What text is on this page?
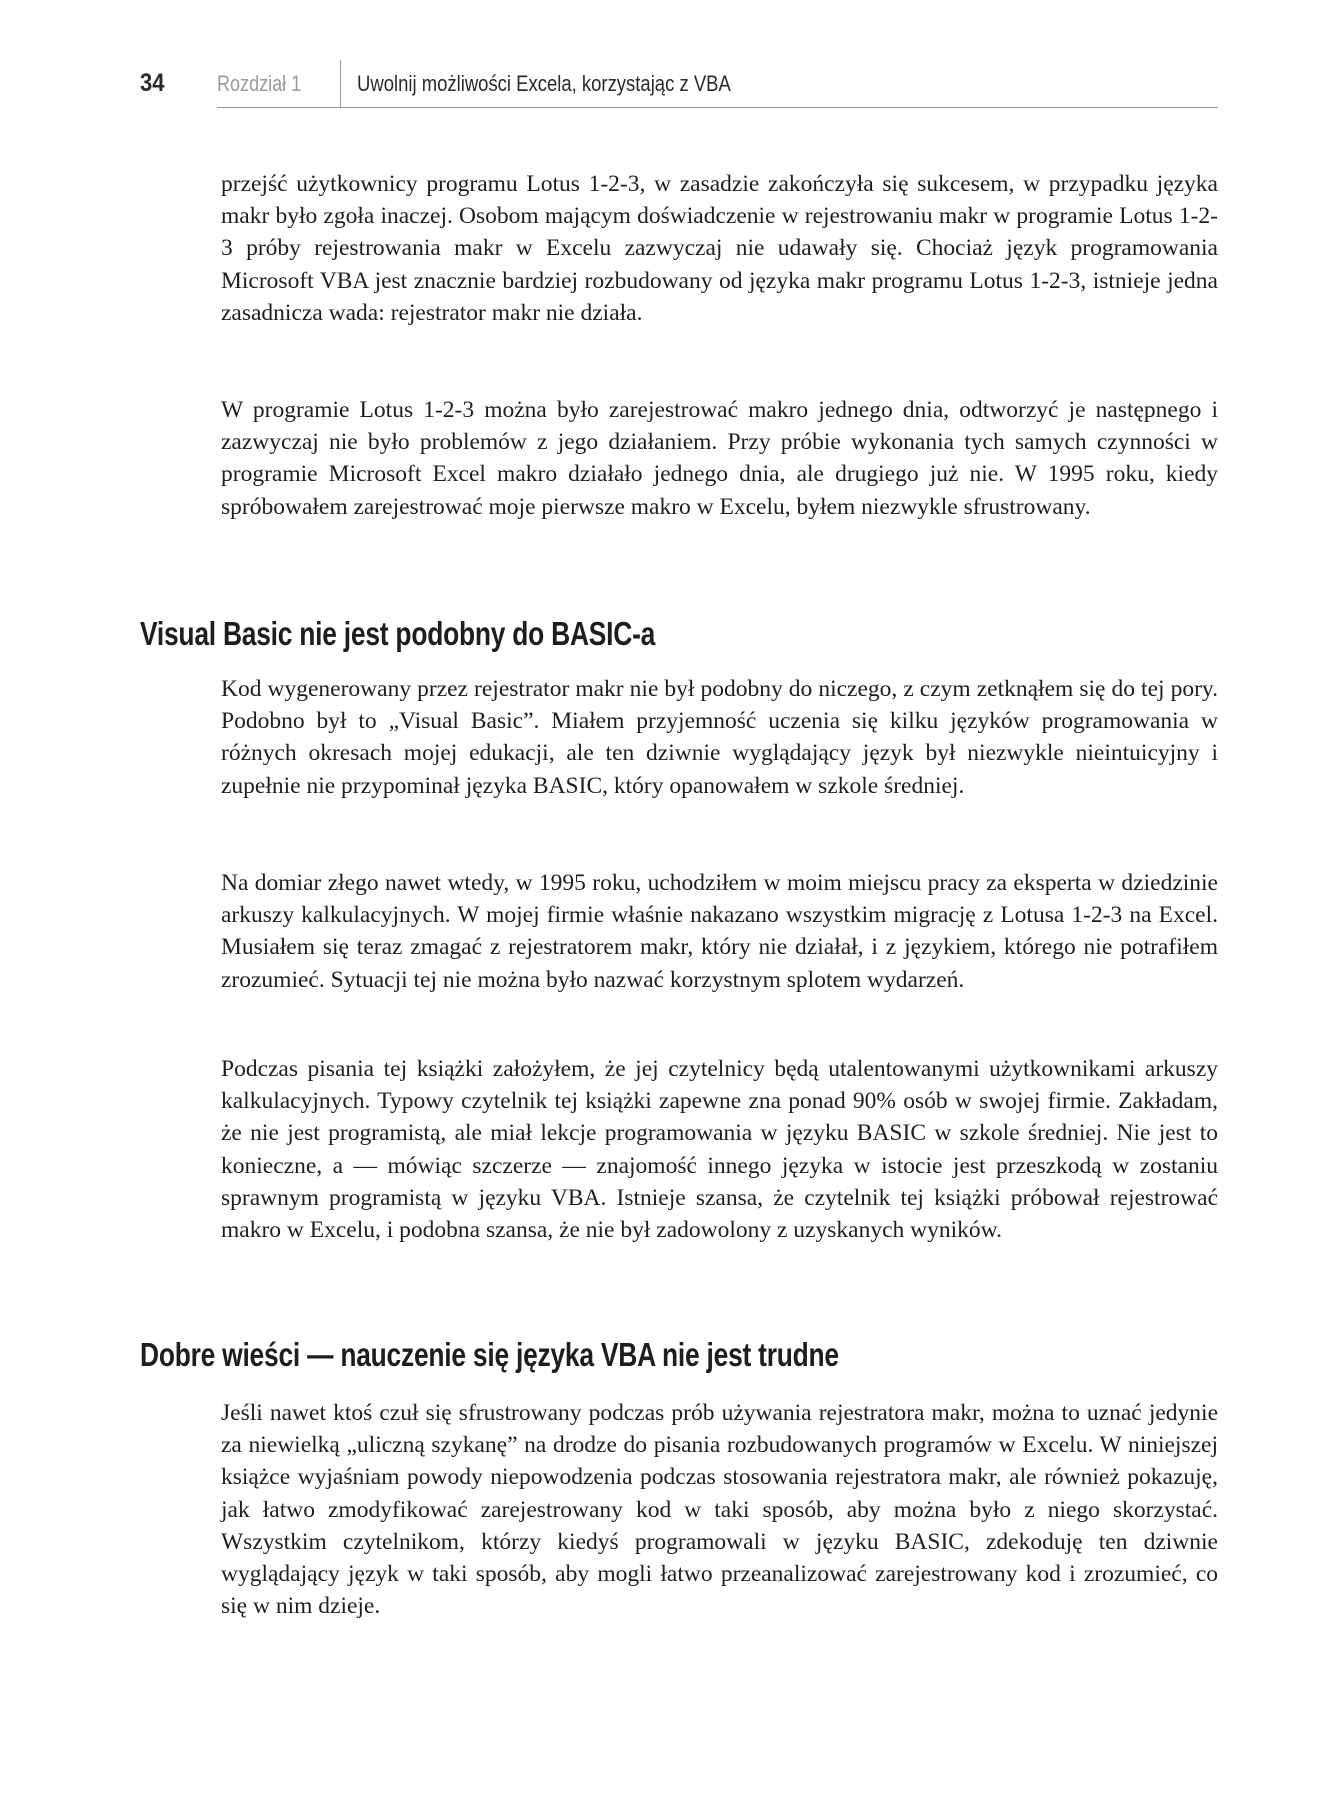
34 Rozdział 1	Uwolnij możliwości Excela, korzystając z VBA

przejść użytkownicy programu Lotus 1-2-3, w zasadzie zakończyła się sukcesem, w przypadku języka makr było zgoła inaczej. Osobom mającym doświadczenie w rejestrowaniu makr w programie Lotus 1-2-3 próby rejestrowania makr w Excelu zazwyczaj nie udawały się. Chociaż język programowania Microsoft VBA jest znacznie bardziej rozbudowany od języka makr programu Lotus 1-2-3, istnieje jedna zasadnicza wada: rejestrator makr nie działa.

W programie Lotus 1-2-3 można było zarejestrować makro jednego dnia, odtworzyć je następnego i zazwyczaj nie było problemów z jego działaniem. Przy próbie wykonania tych samych czynności w programie Microsoft Excel makro działało jednego dnia, ale drugiego już nie. W 1995 roku, kiedy spróbowałem zarejestrować moje pierwsze makro w Excelu, byłem niezwykle sfrustrowany.

Visual Basic nie jest podobny do BASIC-a

Kod wygenerowany przez rejestrator makr nie był podobny do niczego, z czym zetknąłem się do tej pory. Podobno był to „Visual Basic”. Miałem przyjemność uczenia się kilku języków programowania w różnych okresach mojej edukacji, ale ten dziwnie wyglądający język był niezwykle nieintuicyjny i zupełnie nie przypominał języka BASIC, który opanowałem w szkole średniej.

Na domiar złego nawet wtedy, w 1995 roku, uchodziłem w moim miejscu pracy za eksperta w dziedzinie arkuszy kalkulacyjnych. W mojej firmie właśnie nakazano wszystkim migrację z Lotusa 1-2-3 na Excel. Musiałem się teraz zmagać z rejestratorem makr, który nie działał, i z językiem, którego nie potrafiłem zrozumieć. Sytuacji tej nie można było nazwać korzystnym splotem wydarzeń.

Podczas pisania tej książki założyłem, że jej czytelnicy będą utalentowanymi użytkownikami arkuszy kalkulacyjnych. Typowy czytelnik tej książki zapewne zna ponad 90% osób w swojej firmie. Zakładam, że nie jest programistą, ale miał lekcje programowania w języku BASIC w szkole średniej. Nie jest to konieczne, a — mówiąc szczerze — znajomość innego języka w istocie jest przeszkodą w zostaniu sprawnym programistą w języku VBA. Istnieje szansa, że czytelnik tej książki próbował rejestrować makro w Excelu, i podobna szansa, że nie był zadowolony z uzyskanych wyników.

Dobre wieści — nauczenie się języka VBA nie jest trudne

Jeśli nawet ktoś czuł się sfrustrowany podczas prób używania rejestratora makr, można to uznać jedynie za niewielką „uliczną szykanę” na drodze do pisania rozbudowanych programów w Excelu. W niniejszej książce wyjaśniam powody niepowodzenia podczas stosowania rejestratora makr, ale również pokazuję, jak łatwo zmodyfikować zarejestrowany kod w taki sposób, aby można było z niego skorzystać. Wszystkim czytelnikom, którzy kiedyś programowali w języku BASIC, zdekoduję ten dziwnie wyglądający język w taki sposób, aby mogli łatwo przeanalizować zarejestrowany kod i zrozumieć, co się w nim dzieje.
